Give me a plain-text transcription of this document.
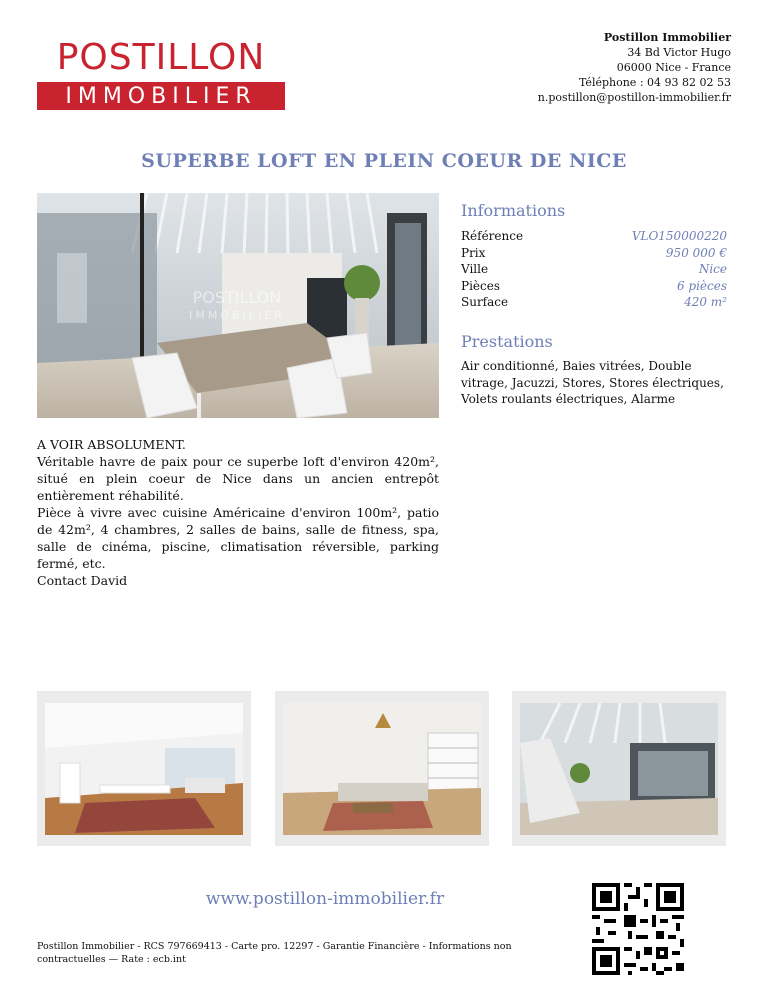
POSTILLON
IMMOBILIER
Postillon Immobilier
34 Bd Victor Hugo
06000 Nice - France
Téléphone : 04 93 82 02 53
n.postillon@postillon-immobilier.fr
SUPERBE LOFT EN PLEIN COEUR DE NICE
POSTILLON
IMMOBILIER
Informations
Référence	VLO150000220
Prix	950 000 €
Ville	Nice
Pièces	6 pièces
Surface	420 m²
Prestations
Air conditionné, Baies vitrées, Double vitrage, Jacuzzi, Stores, Stores électriques, Volets roulants électriques, Alarme

A VOIR ABSOLUMENT.

Véritable havre de paix pour ce superbe loft d'environ 420m², situé en plein coeur de Nice dans un ancien entrepôt entièrement réhabilité.

Pièce à vivre avec cuisine Américaine d'environ 100m², patio de 42m², 4 chambres, 2 salles de bains, salle de fitness, spa, salle de cinéma, piscine, climatisation réversible, parking fermé, etc.

Contact David

www.postillon-immobilier.fr
Postillon Immobilier - RCS 797669413 - Carte pro. 12297 - Garantie Financière - Informations non contractuelles — Rate : ecb.int
